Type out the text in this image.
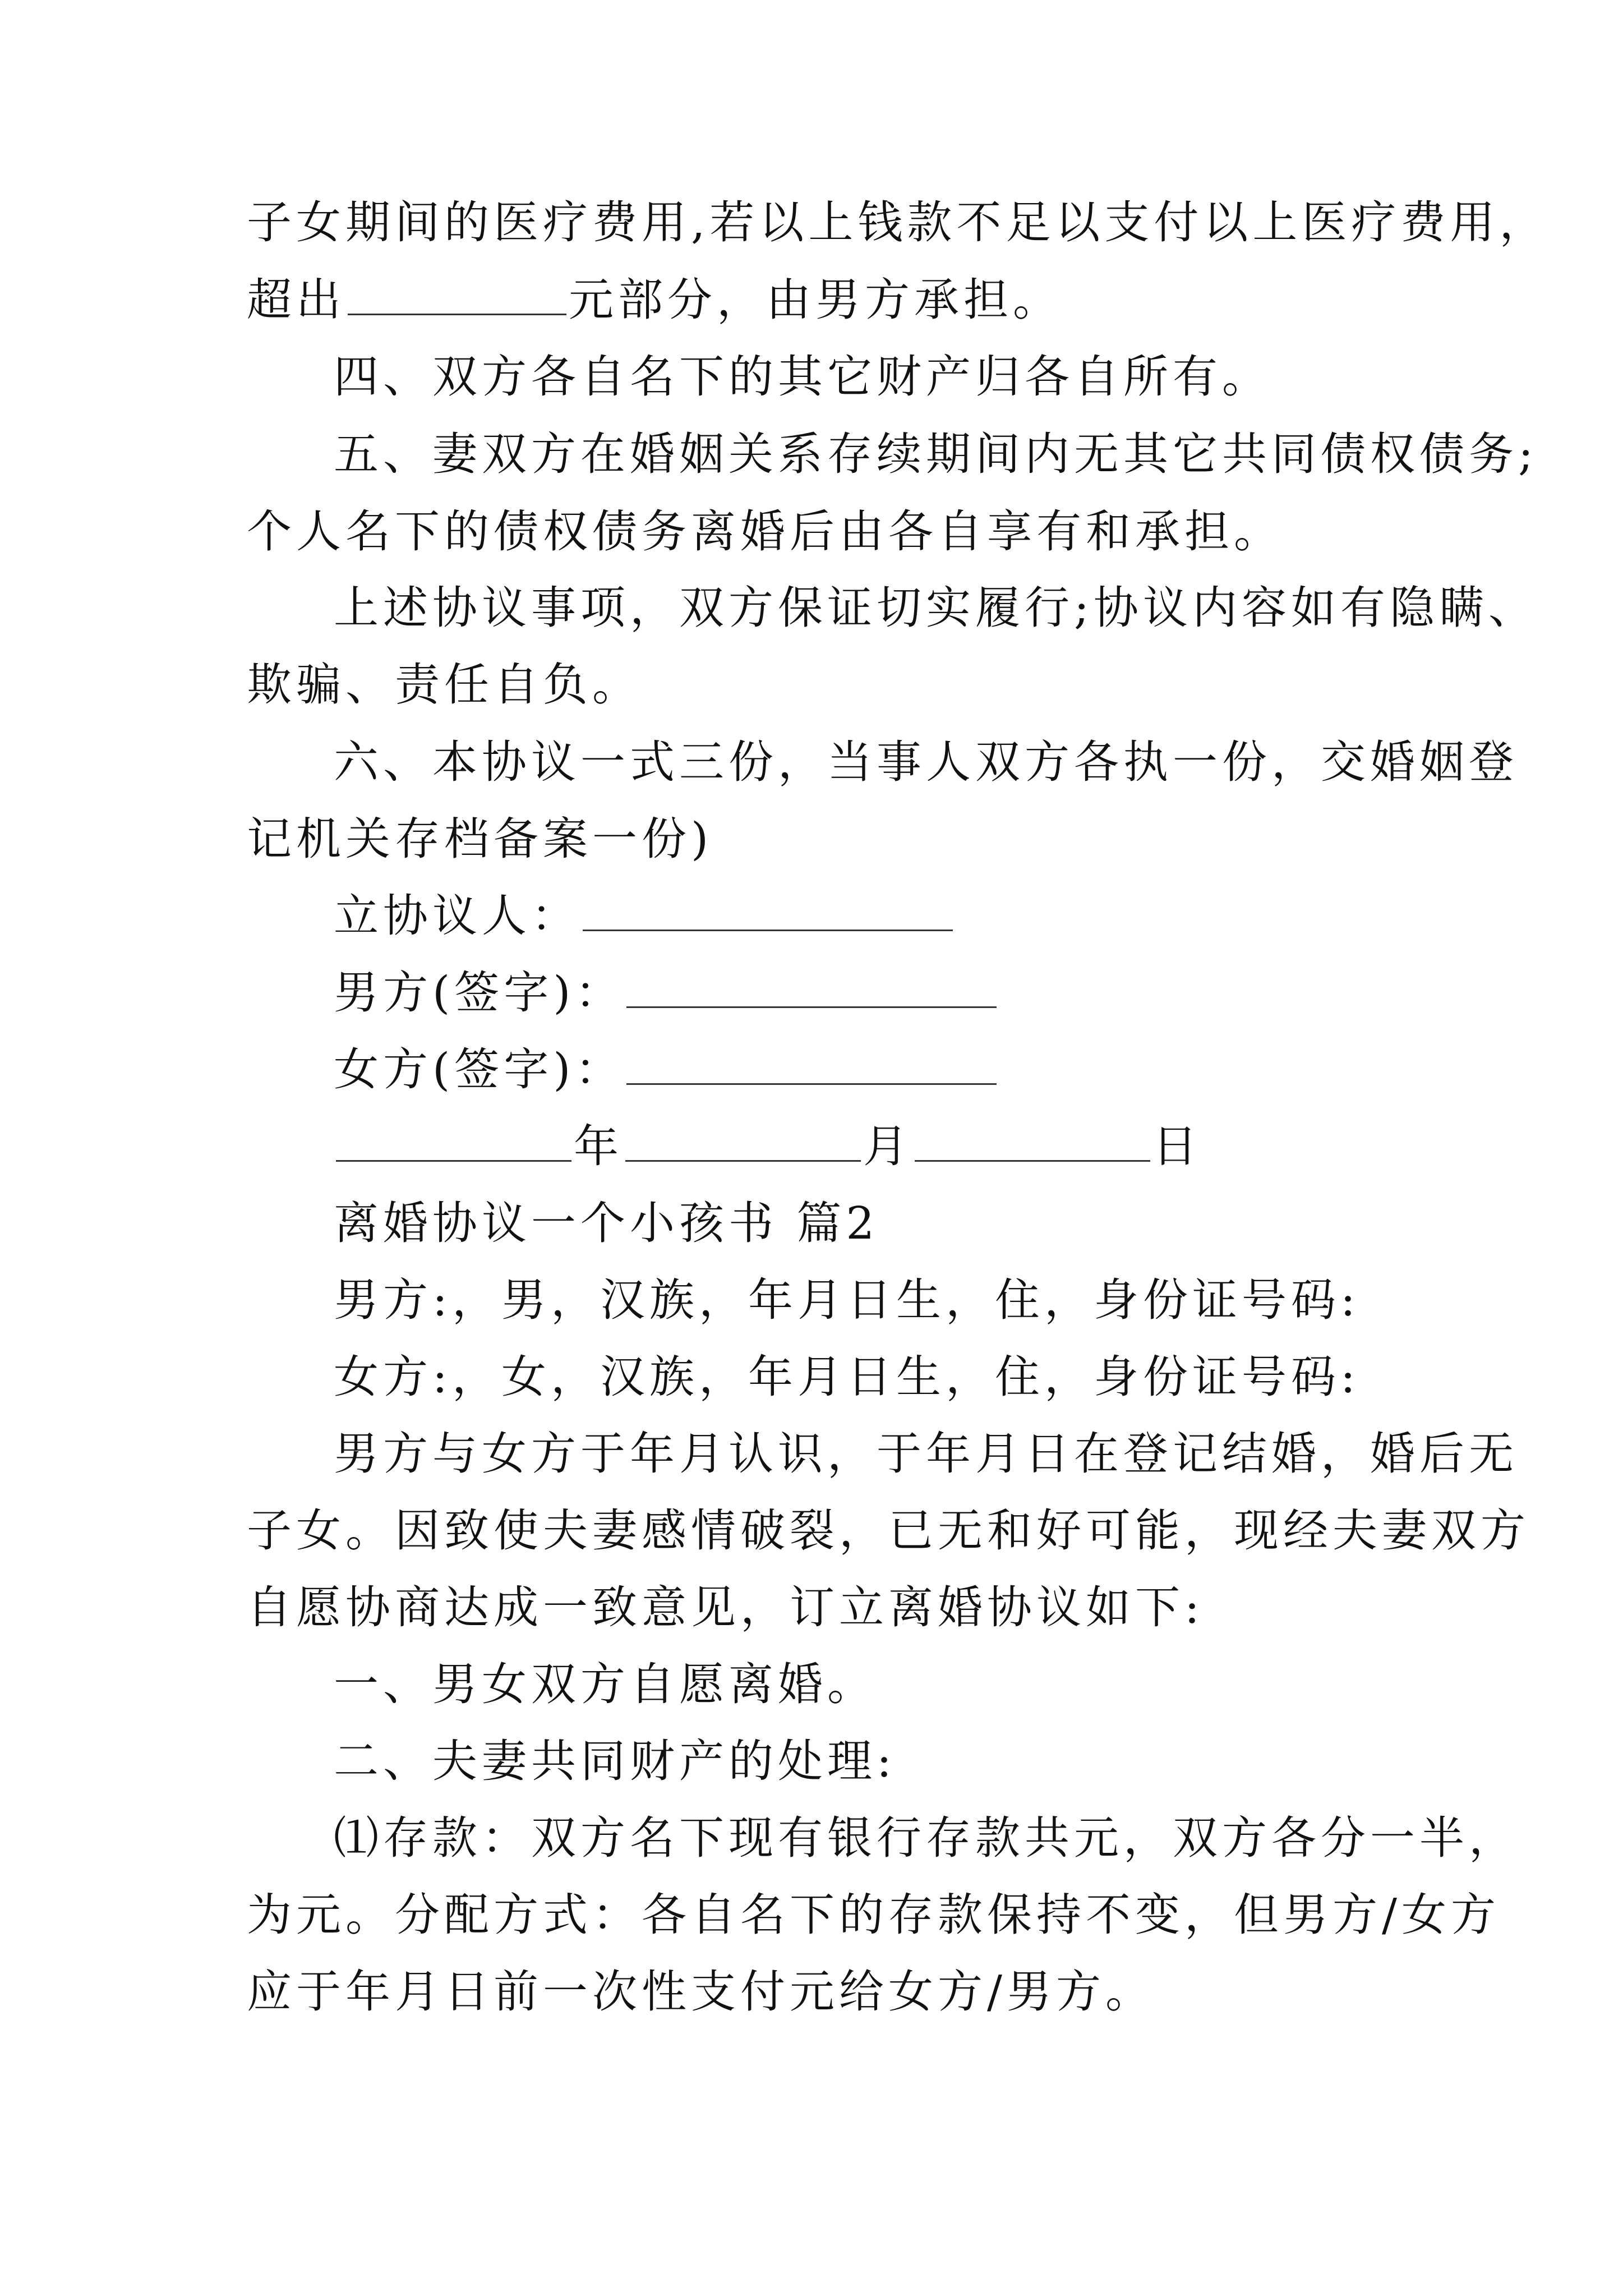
子女期间的医疗费用,若以上钱款不足以支付以上医疗费用，
超出	元部分，由男方承担。
四、双方各自名下的其它财产归各自所有。
五、妻双方在婚姻关系存续期间内无其它共同债权债务;
个人名下的债权债务离婚后由各自享有和承担。
上述协议事项，双方保证切实履行;协议内容如有隐瞒、
欺骗、责任自负。
六、本协议一式三份，当事人双方各执一份，交婚姻登
记机关存档备案一份)
立协议人：
男方(签字)：
女方(签字)：
年	月	日
离婚协议一个小孩书 篇2
男方:，男，汉族，年月日生，住，身份证号码:
女方:，女，汉族，年月日生，住，身份证号码:
男方与女方于年月认识，于年月日在登记结婚，婚后无
子女。因致使夫妻感情破裂，已无和好可能，现经夫妻双方
自愿协商达成一致意见，订立离婚协议如下:
一、男女双方自愿离婚。
二、夫妻共同财产的处理:
⑴存款：双方名下现有银行存款共元，双方各分一半，
为元。分配方式：各自名下的存款保持不变，但男方/女方
应于年月日前一次性支付元给女方/男方。
